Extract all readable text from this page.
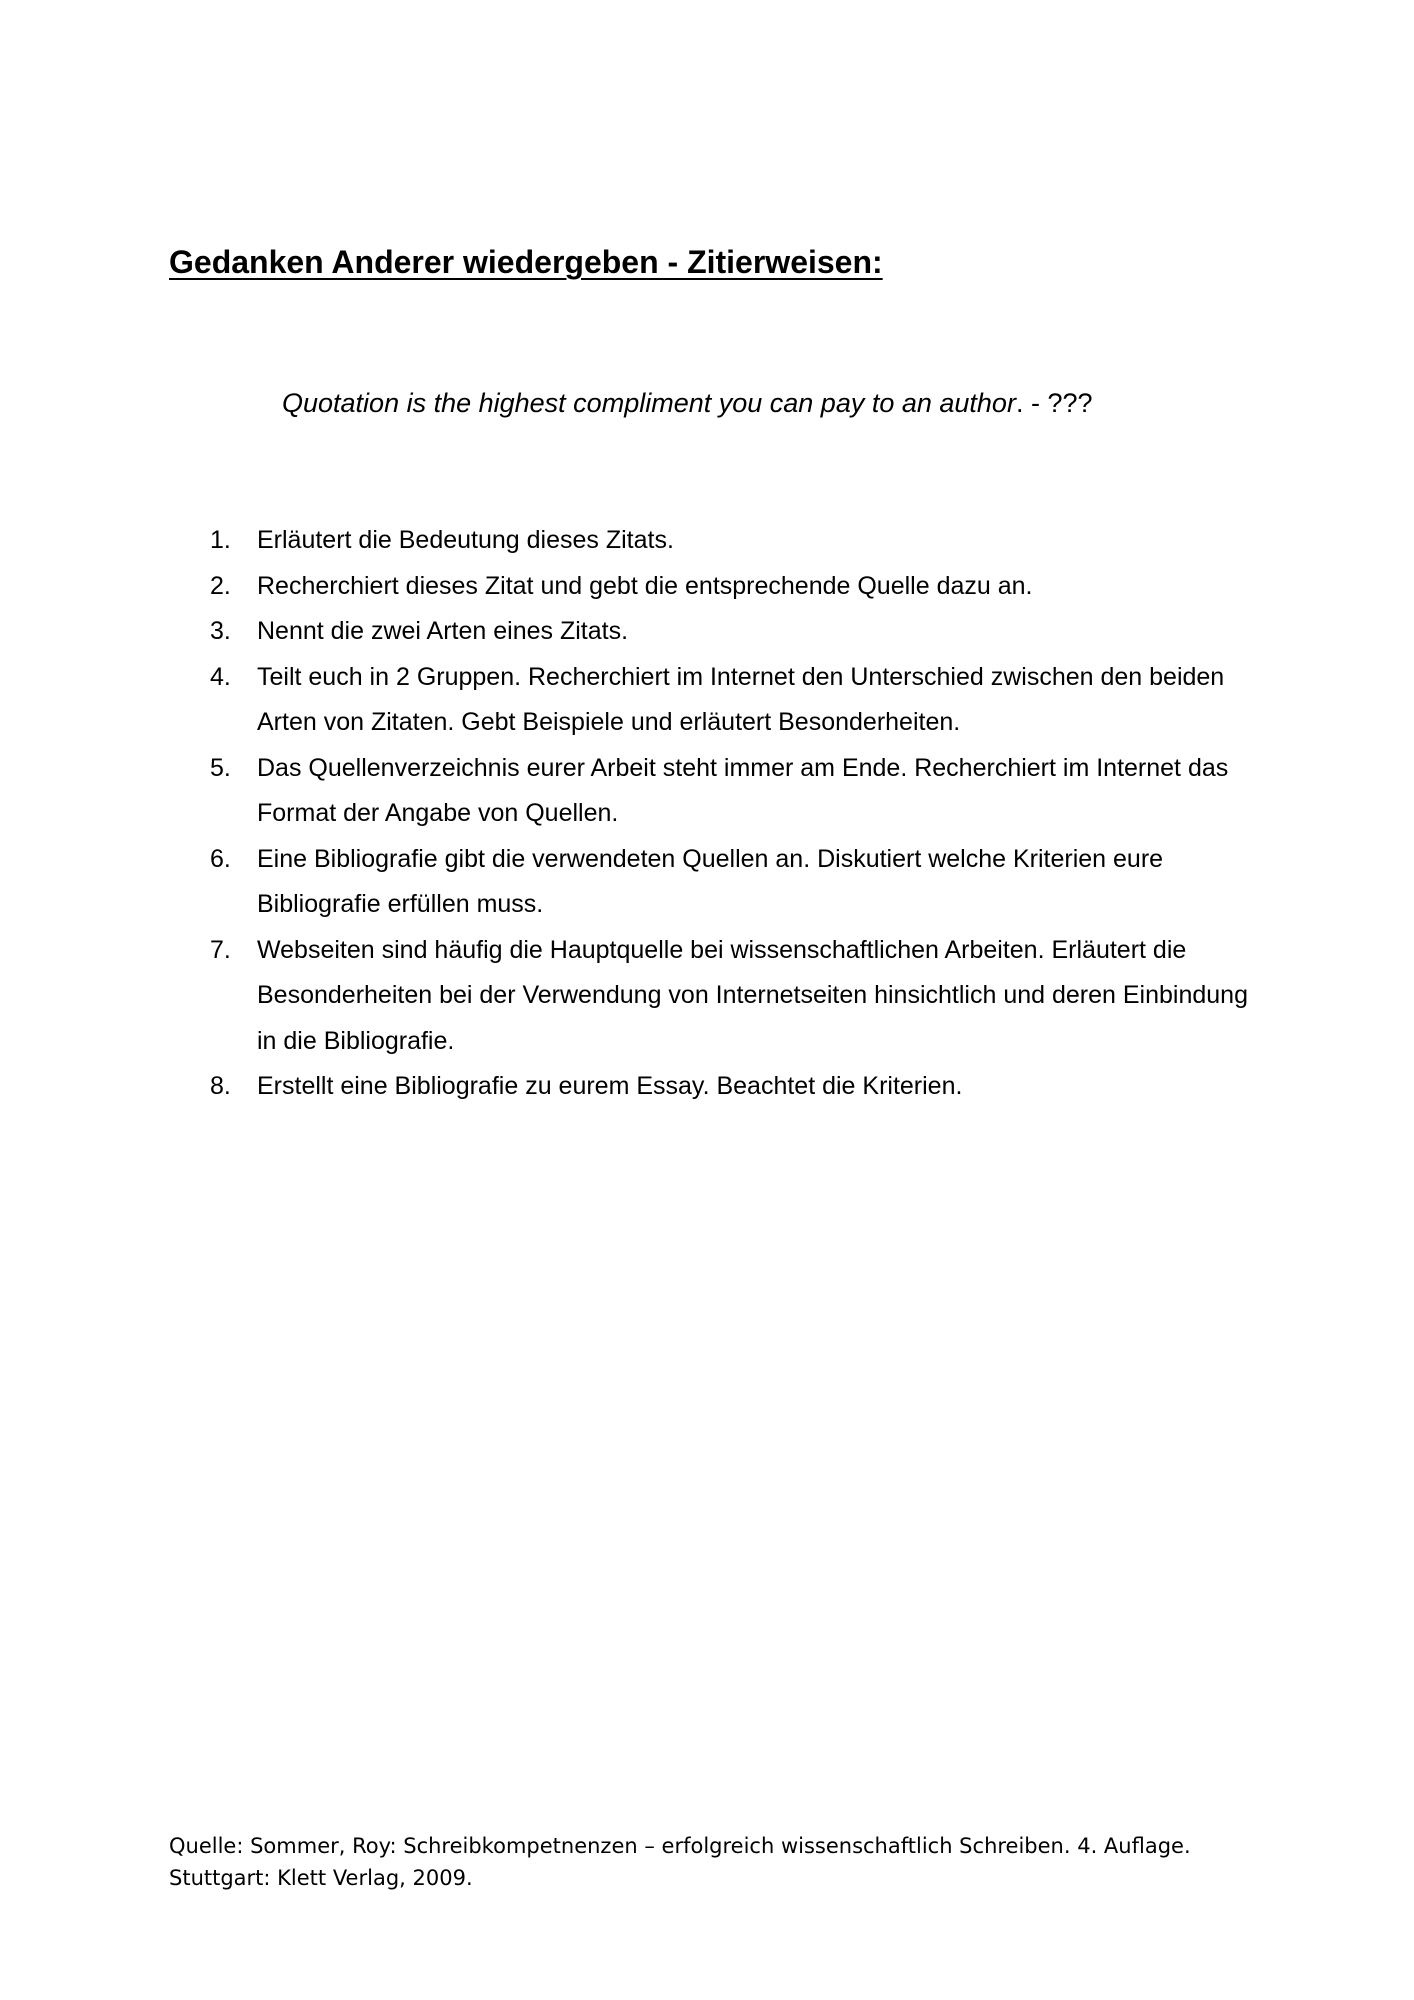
Gedanken Anderer wiedergeben - Zitierweisen:

Quotation is the highest compliment you can pay to an author. - ???

1. Erläutert die Bedeutung dieses Zitats.
2. Recherchiert dieses Zitat und gebt die entsprechende Quelle dazu an.
3. Nennt die zwei Arten eines Zitats.
4. Teilt euch in 2 Gruppen. Recherchiert im Internet den Unterschied zwischen den beiden Arten von Zitaten. Gebt Beispiele und erläutert Besonderheiten.
5. Das Quellenverzeichnis eurer Arbeit steht immer am Ende. Recherchiert im Internet das Format der Angabe von Quellen.
6. Eine Bibliografie gibt die verwendeten Quellen an. Diskutiert welche Kriterien eure Bibliografie erfüllen muss.
7. Webseiten sind häufig die Hauptquelle bei wissenschaftlichen Arbeiten. Erläutert die Besonderheiten bei der Verwendung von Internetseiten hinsichtlich und deren Einbindung in die Bibliografie.
8. Erstellt eine Bibliografie zu eurem Essay. Beachtet die Kriterien.

Quelle: Sommer, Roy: Schreibkompetnenzen – erfolgreich wissenschaftlich Schreiben. 4. Auflage. Stuttgart: Klett Verlag, 2009.
